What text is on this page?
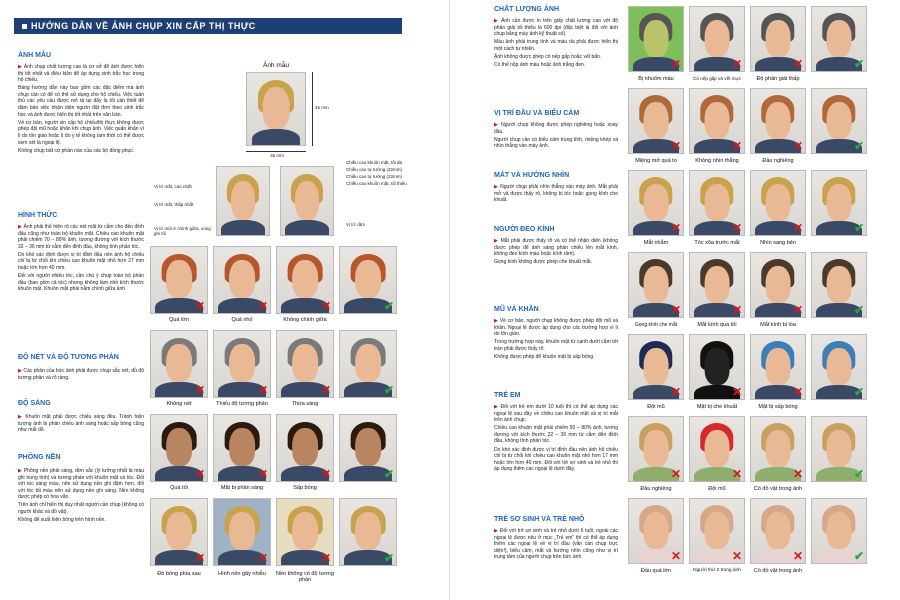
HƯỚNG DẪN VỀ ẢNH CHỤP XIN CẤP THỊ THỰC
ẢNH MẪU

▶ Ảnh chụp chất lượng cao là cơ sở để ảnh được hiển thị tốt nhất và điều kiện để áp dụng sinh trắc học trong hộ chiếu.

Bảng hướng dẫn này bao gồm các đặc điểm mà ảnh chụp cần có để có thể sử dụng cho hộ chiếu. Việc tuân thủ các yêu cầu được mô tả tại đây là tối cần thiết để đảm bảo việc nhận diện người đặt đơn theo sinh trắc học và ảnh được hiển thị tốt nhất trên văn bản.

Về cơ bản, người xin cấp hộ chiếu/thị thực không được phép đội mũ hoặc khăn khi chụp ảnh. Việc quấn khăn vì lí do tôn giáo hoặc lí do y tế không tam thời có thể được xem xét là ngoại lệ.

Không chụp bất cứ phần nào của các bộ đồng phục.

HÌNH THỨC

▶ Ảnh phải thể hiện rõ các nét mặt từ cằm cho đến đỉnh đầu cũng như toàn bộ khuôn mặt. Chiều cao khuôn mặt phải chiếm 70 – 80% ảnh, tương đương với kích thước 32 – 36 mm từ cằm đến đỉnh đầu, không tính phần tóc.

Do khó xác định được vị trí đỉnh đầu nên ảnh hộ chiếu chỉ bị từ chối khi chiều cao khuôn mặt nhỏ hơn 27 mm hoặc lớn hơn 40 mm.

Đối với người nhiều tóc, cần chú ý chụp toàn bộ phần đầu (bao gồm cả tóc) nhưng không làm nhỏ kích thước khuôn mặt. Khuôn mặt phải nằm chính giữa ảnh.

ĐỘ NÉT VÀ ĐỘ TƯƠNG PHẢN

▶ Các phần của bức ảnh phải được chụp sắc nét, đủ độ tương phản và rõ ràng.

ĐỘ SÁNG

▶ Khuôn mặt phải được chiếu sáng đều. Tránh hiện tượng ánh bị phản chiếu ánh sáng hoặc sấp bóng cũng như mắt đỏ.

PHÔNG NỀN

▶ Phông nền phải sáng, đơn sắc (lý tưởng nhất là màu ghi trung tính) và tương phản với khuôn mặt và tóc. Đối với tóc sáng màu, nên sử dụng nền ghi đậm hơn, đối với tóc tối màu nên sử dụng nền ghi sáng. Nền không được phép có hoa văn.

Trên ảnh chỉ hiển thị duy nhất người cần chụp (không có người khác và đồ vật).

Không để xuất hiện bóng trên hình nền.

Ảnh mẫu
45 mm
35 mm
Vị trí mắt, cao nhất
Vị trí mắt, thấp nhất
Vị trí mũi ở chính giữa, vùng ghi tối
Vị trí cằm
Chiều cao khuôn mặt, tối đa
Chiều cao tự tưởng (32mm)
Chiều cao tự tưởng (22mm)
Chiều cao khuôn mặt, tối thiểu
✕	✕	✕	✔
Quá lớn	Quá nhỏ	Không chính giữa
✕	✕	✕	✔
Không nét	Thiếu độ tương phản	Thừa sáng
✕	✕	✕	✔
Quá tối	Mặt bị phản sáng	Sấp bóng
✕	✕	✕	✔
Đồ bóng phía sau	Hình nền gây nhiễu	Nền không có độ tương phản
CHẤT LƯỢNG ẢNH

▶ Ảnh cần được in trên giấy chất lượng cao với độ phân giải tối thiểu là 600 dpi (đặc biệt là đối với ảnh chụp bằng máy ảnh kỹ thuật số).

Màu ảnh phải trung tính và màu da phải được hiển thị một cách tự nhiên.

Ảnh không được phép có nếp gấp hoặc vết bẩn.

Có thể nộp ảnh màu hoặc ảnh trắng đen.

VỊ TRÍ ĐẦU VÀ BIỂU CẢM

▶ Người chụp không được phép nghiêng hoặc xoay đầu.

Người chụp cần có biểu cảm trung tính, miệng khép và nhìn thẳng vào máy ảnh.

MẮT VÀ HƯỚNG NHÌN

▶ Người chụp phải nhìn thẳng vào máy ảnh. Mắt phải mở và được thấy rõ, không bị tóc hoặc gọng kính che khuất.

NGƯỜI ĐEO KÍNH

▶ Mắt phải được thấy rõ và có thể nhận diện (không được phép để ánh sáng phản chiếu lên mắt kính, không đeo kính màu hoặc kính râm).

Gọng kính không được phép che khuất mắt.

MŨ VÀ KHĂN

▶ Về cơ bản, người chụp không được phép đội mũ và khăn. Ngoại lệ được áp dụng cho các trường hợp vì lí do tôn giáo.

Trong trường hợp này, khuôn mặt từ cạnh dưới cằm tới trán phải được thấy rõ.

Không được phép để khuôn mặt bị sấp bóng.

TRẺ EM

▶ Đối với trẻ em dưới 10 tuổi thì có thể áp dụng các ngoại lệ sau đây về chiều cao khuôn mặt và vị trí mắt trên ảnh chụp:

Chiều cao khuôn mặt phải chiếm 50 – 80% ảnh, tương đương với kích thước 22 – 36 mm từ cằm đến đỉnh đầu, không tính phần tóc.

Do khó xác định được vị trí đỉnh đầu nên ảnh hộ chiếu chỉ bị từ chối khi chiều cao khuôn mặt nhỏ hơn 17 mm hoặc lớn hơn 40 mm. Đối với trẻ sơ sinh và trẻ nhỏ thì áp dụng thêm các ngoại lệ dưới đây.

TRẺ SƠ SINH VÀ TRẺ NHỎ

▶ Đối với trẻ sơ sinh và trẻ nhỏ dưới 6 tuổi, ngoài các ngoại lệ được nêu ở mục „Trẻ em" thì có thể áp dụng thêm các ngoại lệ về vị trí đầu (vẫn cần chụp trực diện!), biểu cảm, mắt và hướng nhìn cũng như vị trí trung tâm của người chụp trên bức ảnh.

✕	✕	✕	✔
Bị nhuốm màu	Có nếp gấp và vết mực	Độ phân giải thấp
✕	✕	✕	✔
Miệng mở quá to	Không nhìn thẳng	Đầu nghiêng
✕	✕	✕	✔
Mắt nhắm	Tóc xõa trước mắt	Nhìn sang bên
✕	✕	✕	✔
Gọng kính che mắt	Mắt kính quá tối	Mắt kính bị lóa
✕	✕	✕	✔
Đội mũ	Mặt bị che khuất	Mặt bị sấp bóng
✕	✕	✕	✔
Đầu nghiêng	Đội mũ	Có đồ vật trong ảnh
✕	✕	✕	✔
Đầu quá lớn	Người thứ 2 trong ảnh	Có đồ vật trong ảnh
